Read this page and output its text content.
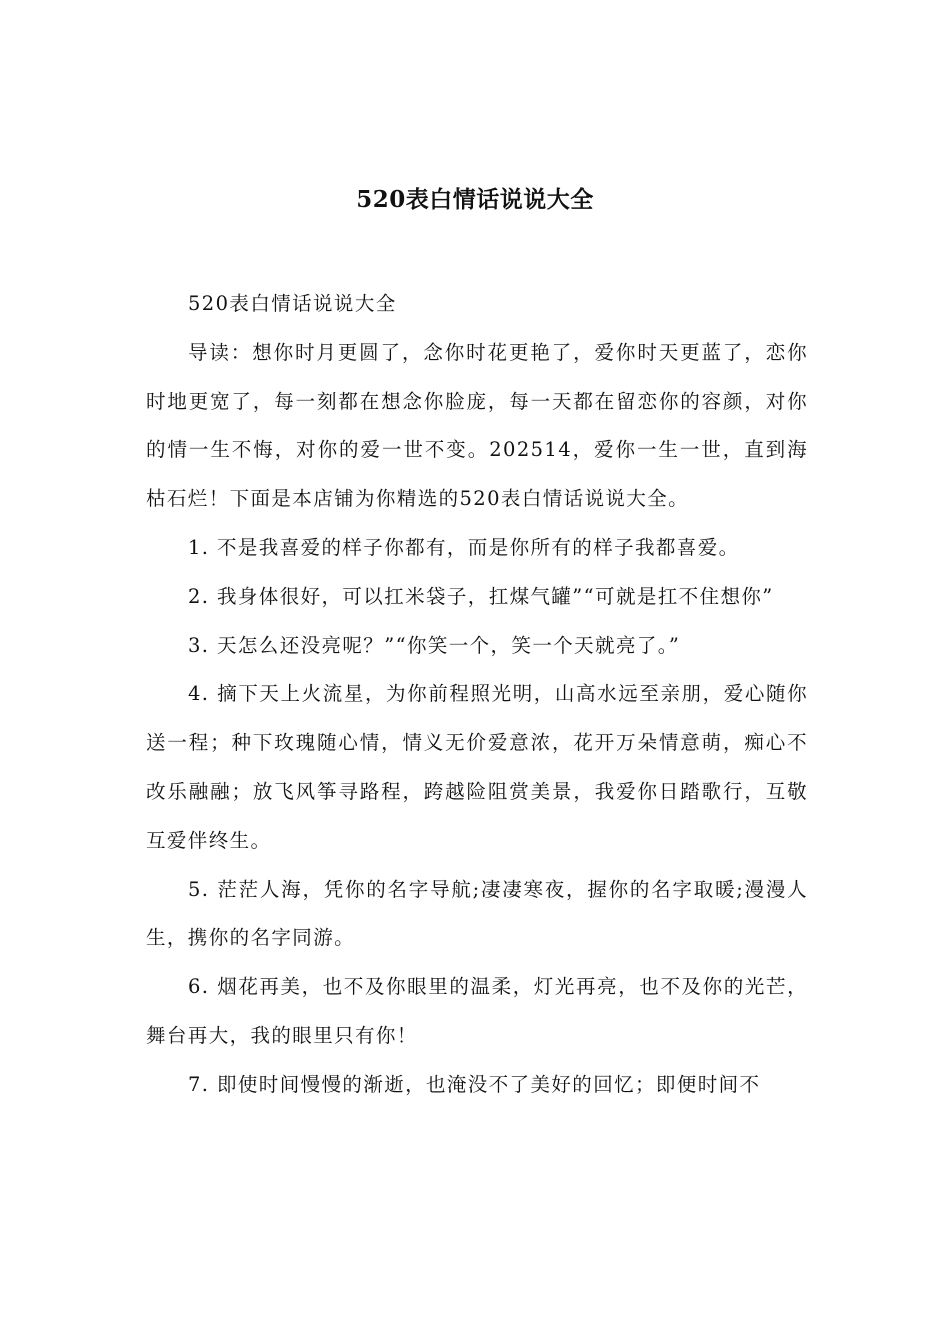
520表白情话说说大全

520表白情话说说大全

导读：想你时月更圆了，念你时花更艳了，爱你时天更蓝了，恋你时地更宽了，每一刻都在想念你脸庞，每一天都在留恋你的容颜，对你的情一生不悔，对你的爱一世不变。202514，爱你一生一世，直到海枯石烂！下面是本店铺为你精选的520表白情话说说大全。

1. 不是我喜爱的样子你都有，而是你所有的样子我都喜爱。

2. 我身体很好，可以扛米袋子，扛煤气罐”“可就是扛不住想你”

3. 天怎么还没亮呢？”“你笑一个，笑一个天就亮了。”

4. 摘下天上火流星，为你前程照光明，山高水远至亲朋，爱心随你送一程；种下玫瑰随心情，情义无价爱意浓，花开万朵情意萌，痴心不改乐融融；放飞风筝寻路程，跨越险阻赏美景，我爱你日踏歌行，互敬互爱伴终生。

5. 茫茫人海，凭你的名字导航;凄凄寒夜，握你的名字取暖;漫漫人生，携你的名字同游。

6. 烟花再美，也不及你眼里的温柔，灯光再亮，也不及你的光芒，舞台再大，我的眼里只有你！

7. 即使时间慢慢的渐逝，也淹没不了美好的回忆；即便时间不
